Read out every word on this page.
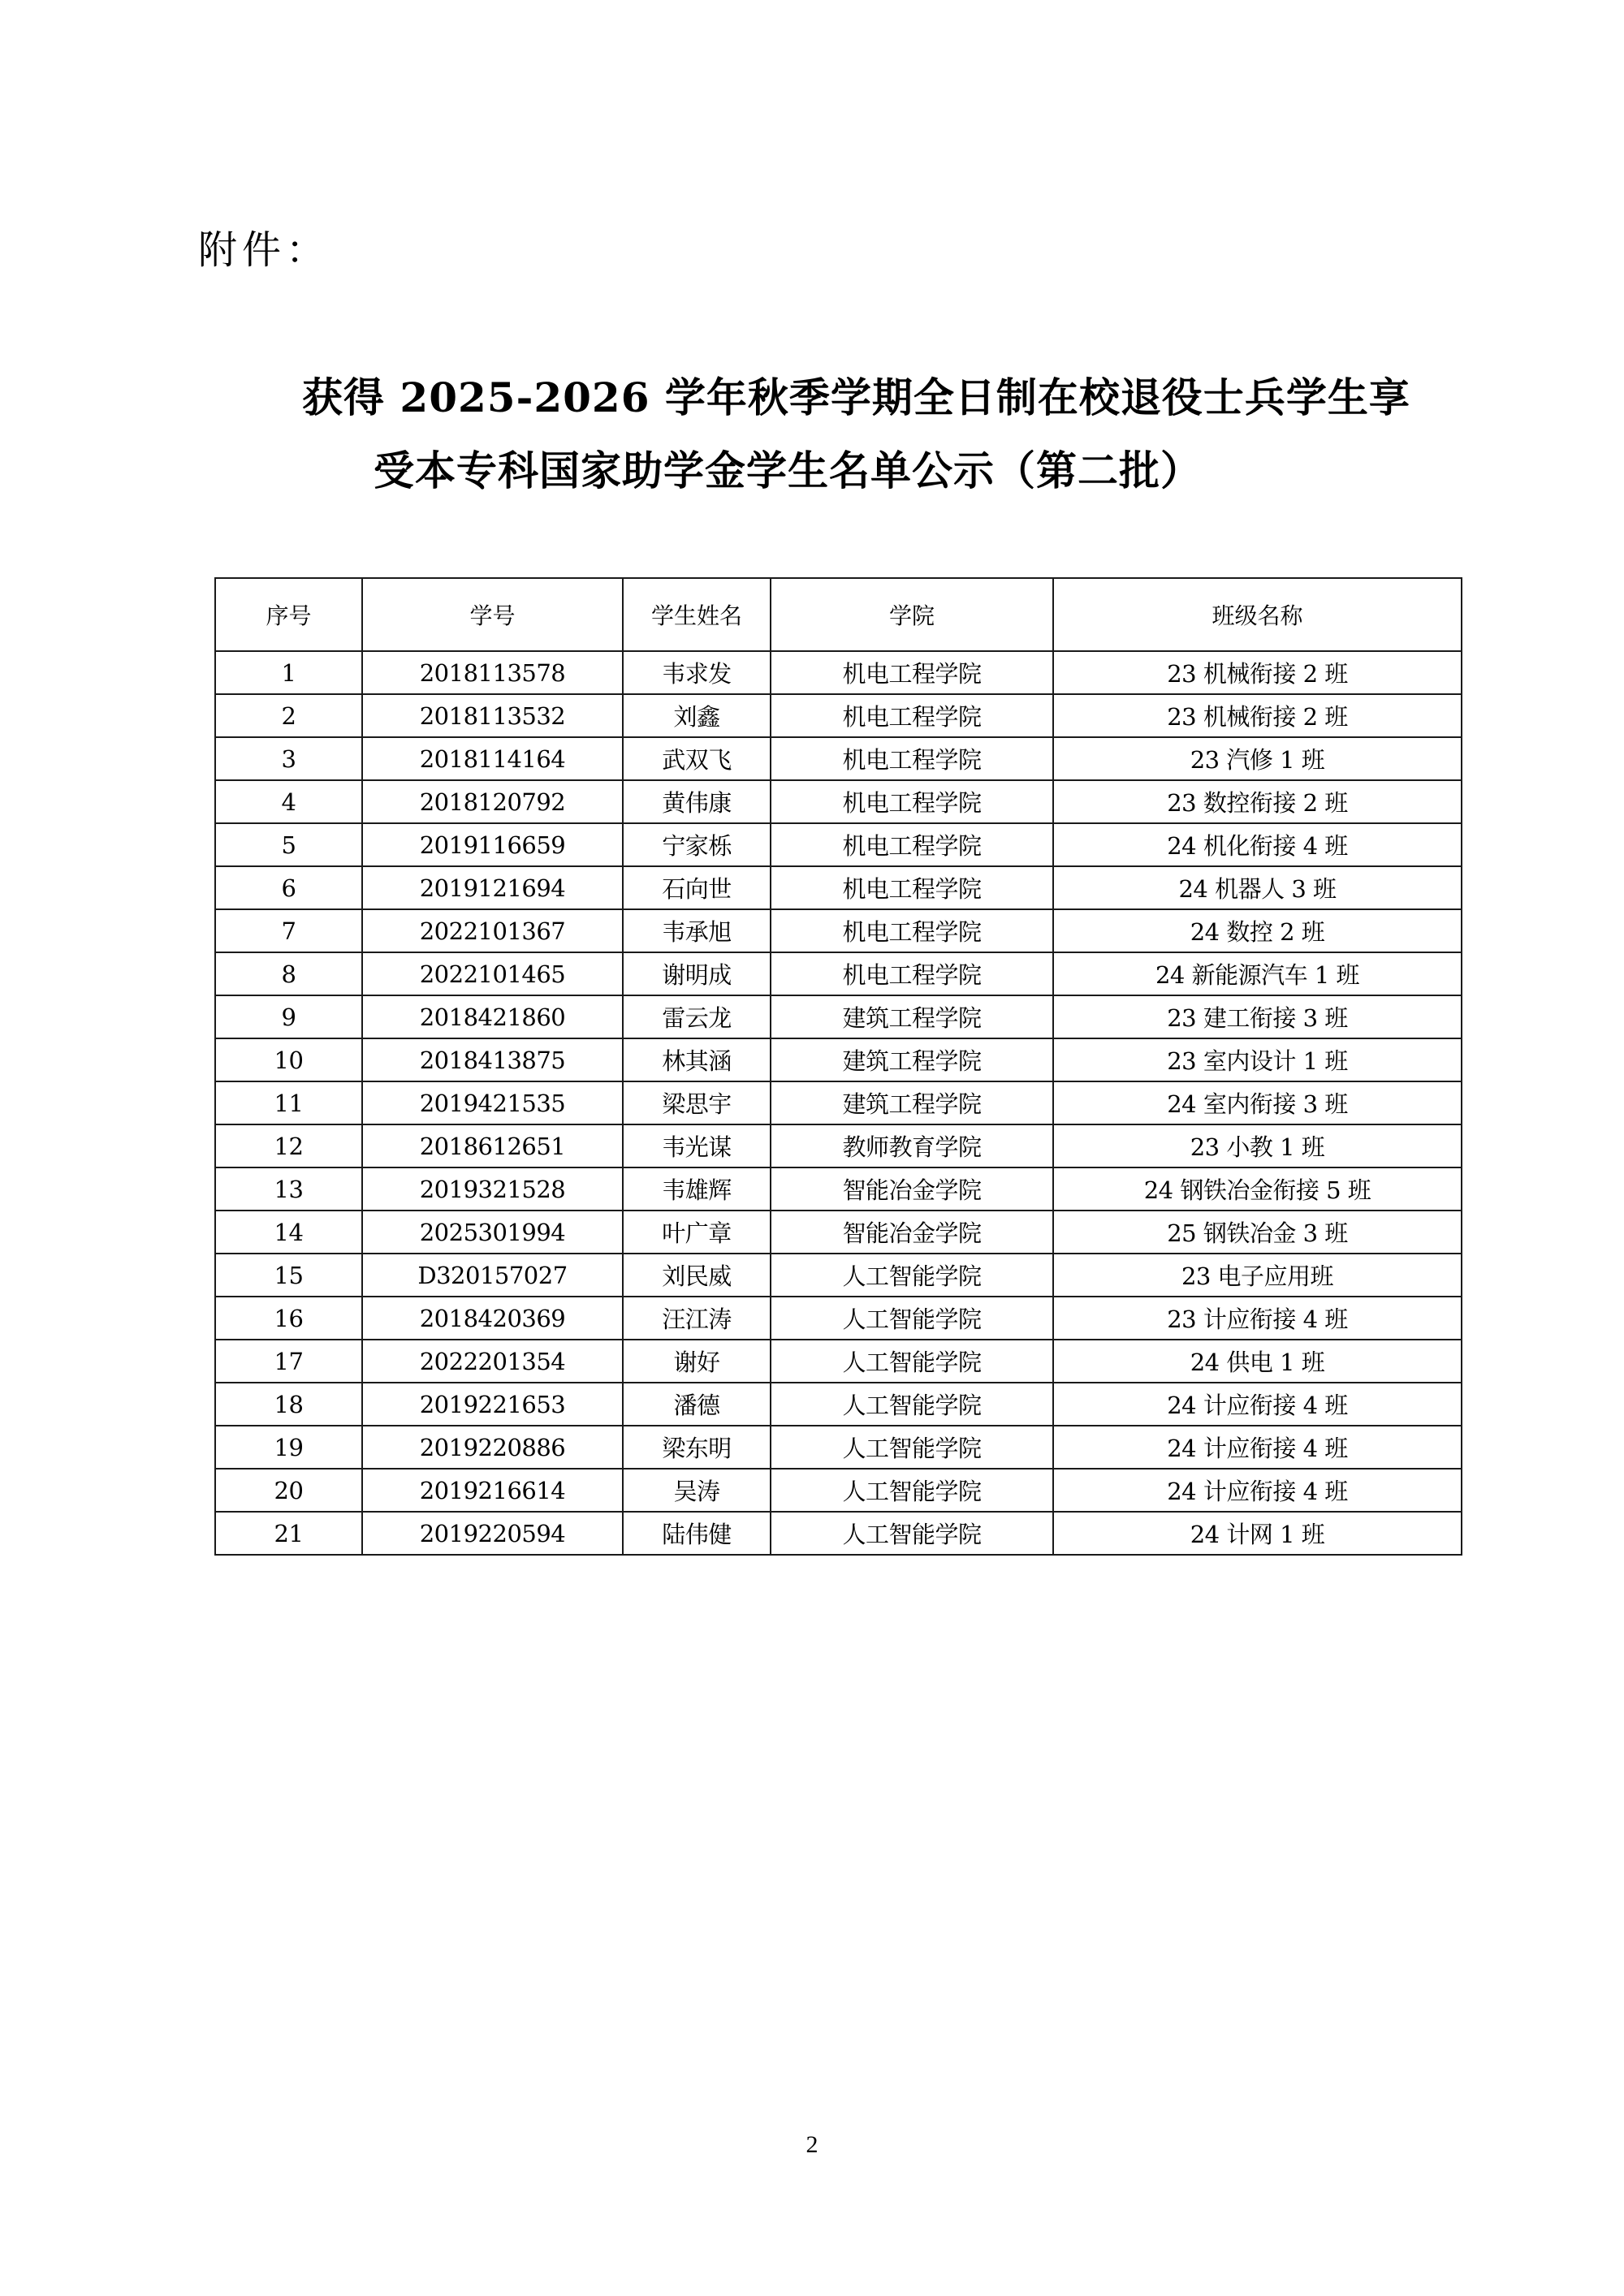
附件：
获得 2025-2026 学年秋季学期全日制在校退役士兵学生享
受本专科国家助学金学生名单公示（第二批）
序号	学号	学生姓名	学院	班级名称
1	2018113578	韦求发	机电工程学院	23 机械衔接 2 班
2	2018113532	刘鑫	机电工程学院	23 机械衔接 2 班
3	2018114164	武双飞	机电工程学院	23 汽修 1 班
4	2018120792	黄伟康	机电工程学院	23 数控衔接 2 班
5	2019116659	宁家栎	机电工程学院	24 机化衔接 4 班
6	2019121694	石向世	机电工程学院	24 机器人 3 班
7	2022101367	韦承旭	机电工程学院	24 数控 2 班
8	2022101465	谢明成	机电工程学院	24 新能源汽车 1 班
9	2018421860	雷云龙	建筑工程学院	23 建工衔接 3 班
10	2018413875	林其涵	建筑工程学院	23 室内设计 1 班
11	2019421535	梁思宇	建筑工程学院	24 室内衔接 3 班
12	2018612651	韦光谋	教师教育学院	23 小教 1 班
13	2019321528	韦雄辉	智能冶金学院	24 钢铁冶金衔接 5 班
14	2025301994	叶广章	智能冶金学院	25 钢铁冶金 3 班
15	D320157027	刘民威	人工智能学院	23 电子应用班
16	2018420369	汪江涛	人工智能学院	23 计应衔接 4 班
17	2022201354	谢好	人工智能学院	24 供电 1 班
18	2019221653	潘德	人工智能学院	24 计应衔接 4 班
19	2019220886	梁东明	人工智能学院	24 计应衔接 4 班
20	2019216614	吴涛	人工智能学院	24 计应衔接 4 班
21	2019220594	陆伟健	人工智能学院	24 计网 1 班
2
